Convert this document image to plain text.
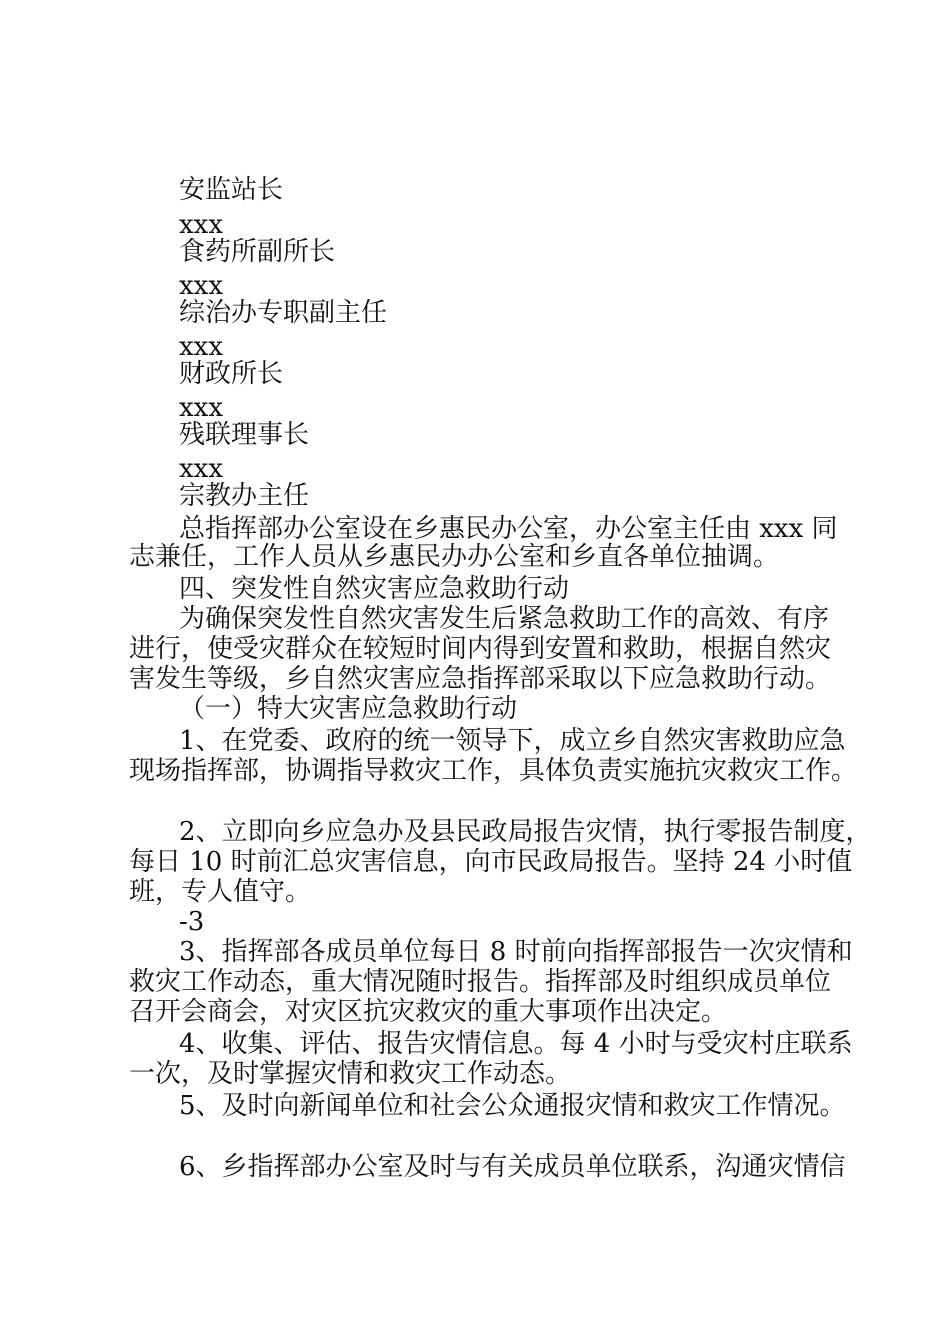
安监站长
xxx
食药所副所长
xxx
综治办专职副主任
xxx
财政所长
xxx
残联理事长
xxx
宗教办主任
总指挥部办公室设在乡惠民办公室，办公室主任由 xxx 同
志兼任，工作人员从乡惠民办办公室和乡直各单位抽调。
四、突发性自然灾害应急救助行动
为确保突发性自然灾害发生后紧急救助工作的高效、有序
进行，使受灾群众在较短时间内得到安置和救助，根据自然灾
害发生等级，乡自然灾害应急指挥部采取以下应急救助行动。
（一）特大灾害应急救助行动
1、在党委、政府的统一领导下，成立乡自然灾害救助应急
现场指挥部，协调指导救灾工作，具体负责实施抗灾救灾工作。
2、立即向乡应急办及县民政局报告灾情，执行零报告制度，
每日 10 时前汇总灾害信息，向市民政局报告。坚持 24 小时值
班，专人值守。
-3
3、指挥部各成员单位每日 8 时前向指挥部报告一次灾情和
救灾工作动态，重大情况随时报告。指挥部及时组织成员单位
召开会商会，对灾区抗灾救灾的重大事项作出决定。
4、收集、评估、报告灾情信息。每 4 小时与受灾村庄联系
一次，及时掌握灾情和救灾工作动态。
5、及时向新闻单位和社会公众通报灾情和救灾工作情况。
6、乡指挥部办公室及时与有关成员单位联系，沟通灾情信
